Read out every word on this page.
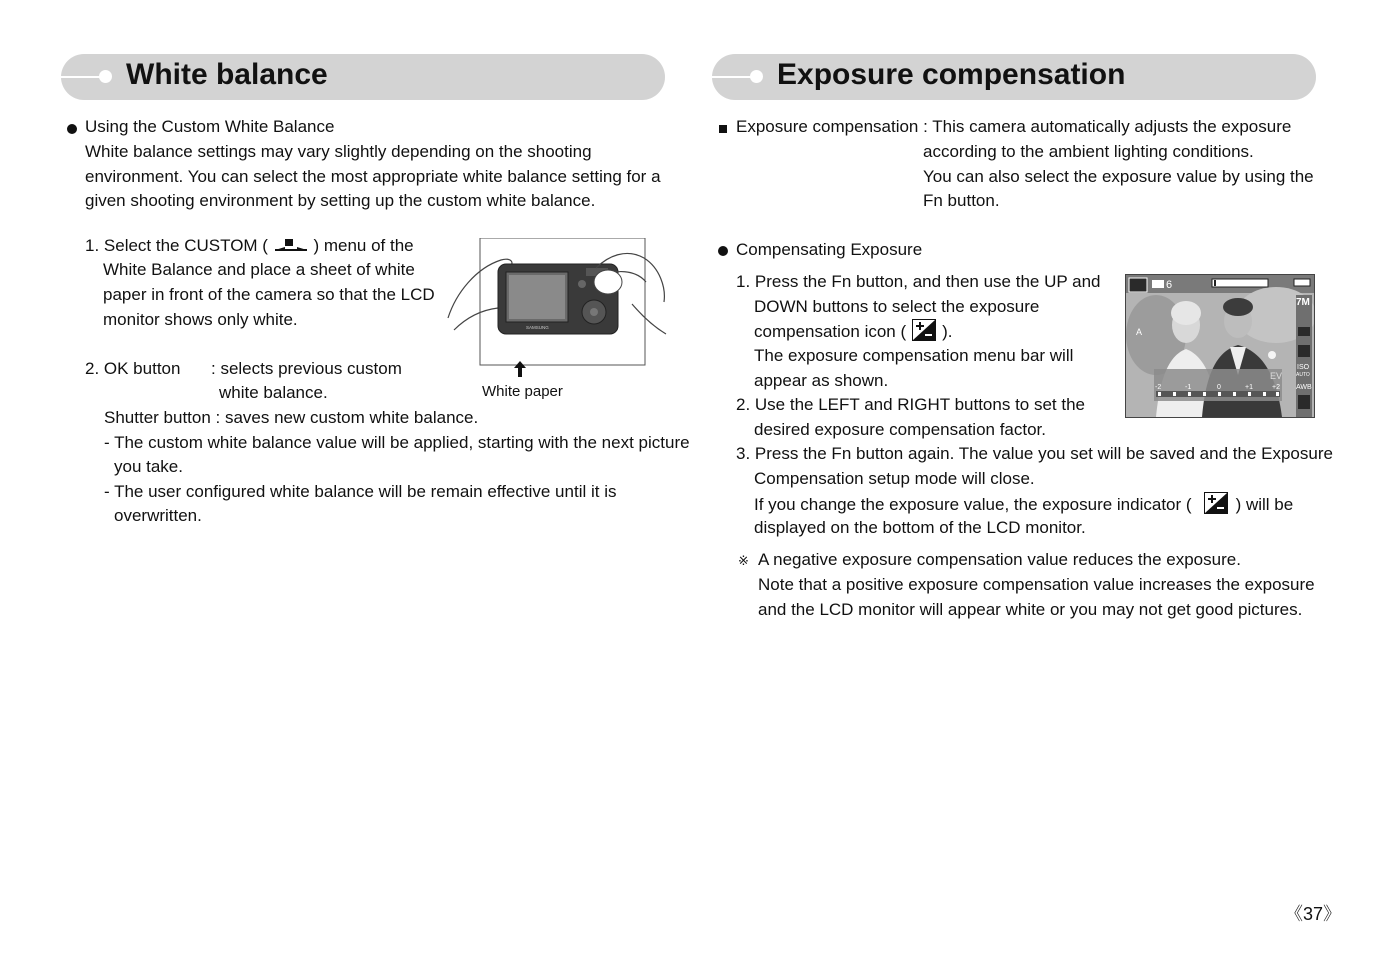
White balance	Exposure compensation
Using the Custom White Balance
White balance settings may vary slightly depending on the shooting
environment. You can select the most appropriate white balance setting for a
given shooting environment by setting up the custom white balance.
1. Select the CUSTOM (	) menu of the
White Balance and place a sheet of white
paper in front of the camera so that the LCD
monitor shows only white.	SAMSUNG
White paper
2. OK button : selects previous custom
white balance.
Shutter button : saves new custom white balance.
- The custom white balance value will be applied, starting with the next picture
you take.
- The user configured white balance will be remain effective until it is
overwritten.
Exposure compensation : This camera automatically adjusts the exposure
according to the ambient lighting conditions.
You can also select the exposure value by using the
Fn button.
Compensating Exposure
1. Press the Fn button, and then use the UP and
DOWN buttons to select the exposure
compensation icon ( ).
The exposure compensation menu bar will
appear as shown.
2. Use the LEFT and RIGHT buttons to set the
desired exposure compensation factor.
3. Press the Fn button again. The value you set will be saved and the Exposure
Compensation setup mode will close.
If you change the exposure value, the exposure indicator (	) will be
displayed on the bottom of the LCD monitor.
※ A negative exposure compensation value reduces the exposure.
Note that a positive exposure compensation value increases the exposure
and the LCD monitor will appear white or you may not get good pictures.
6
7M
A
EV
-2	-1	0	+1	+2
ISO
AUTO
AWB
《37》
